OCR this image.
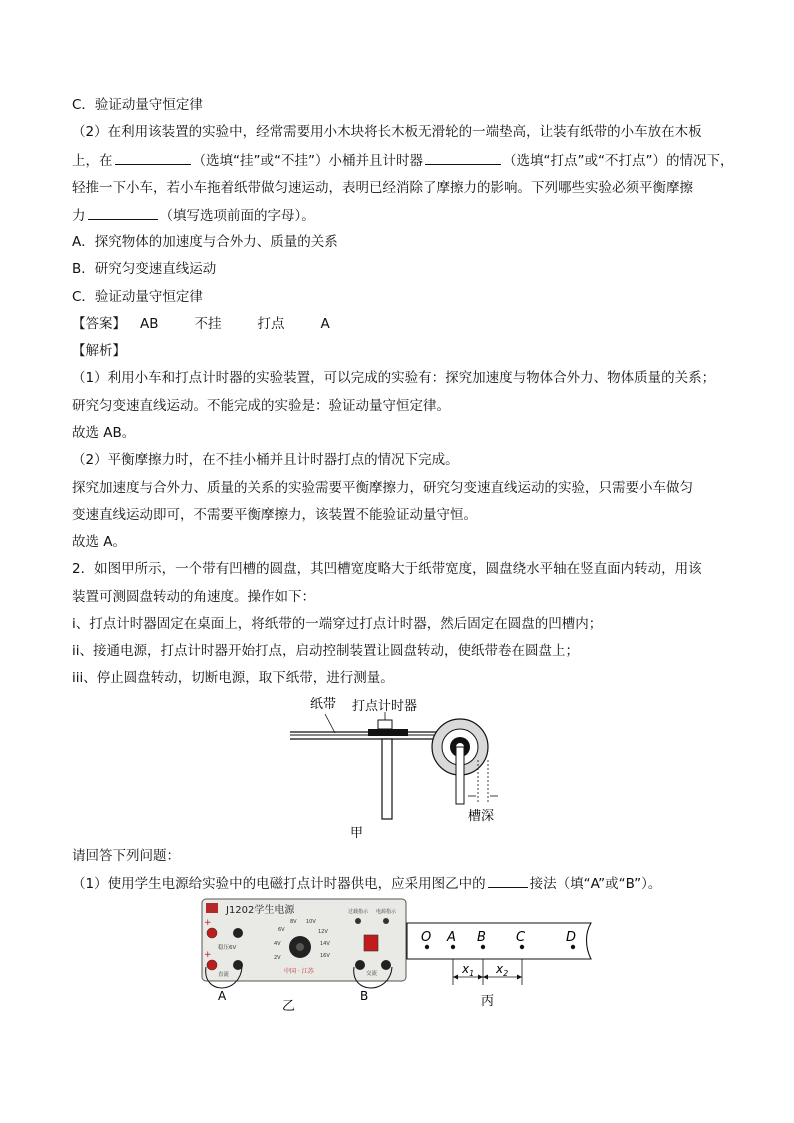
C．验证动量守恒定律
（2）在利用该装置的实验中，经常需要用小木块将长木板无滑轮的一端垫高，让装有纸带的小车放在木板
上，在	（选填“挂”或“不挂”）小桶并且计时器	（选填“打点”或“不打点”）的情况下，
轻推一下小车，若小车拖着纸带做匀速运动，表明已经消除了摩擦力的影响。下列哪些实验必须平衡摩擦
力	（填写选项前面的字母）。
A．探究物体的加速度与合外力、质量的关系
B．研究匀变速直线运动
C．验证动量守恒定律
【答案】 AB	不挂	打点	A
【解析】
（1）利用小车和打点计时器的实验装置，可以完成的实验有：探究加速度与物体合外力、物体质量的关系；
研究匀变速直线运动。不能完成的实验是：验证动量守恒定律。
故选 AB。
（2）平衡摩擦力时，在不挂小桶并且计时器打点的情况下完成。
探究加速度与合外力、质量的关系的实验需要平衡摩擦力，研究匀变速直线运动的实验，只需要小车做匀
变速直线运动即可，不需要平衡摩擦力，该装置不能验证动量守恒。
故选 A。
2．如图甲所示，一个带有凹槽的圆盘，其凹槽宽度略大于纸带宽度，圆盘绕水平轴在竖直面内转动，用该
装置可测圆盘转动的角速度。操作如下：
i、打点计时器固定在桌面上，将纸带的一端穿过打点计时器，然后固定在圆盘的凹槽内；
ii、接通电源，打点计时器开始打点，启动控制装置让圆盘转动，使纸带卷在圆盘上；
iii、停止圆盘转动，切断电源，取下纸带，进行测量。
纸带 打点计时器
槽深
甲
请回答下列问题：
（1）使用学生电源给实验中的电磁打点计时器供电，应采用图乙中的	接法（填“A”或“B”）。
J1202学生电源
+
+
稳压6V
直流
6V
8V 10V
12V
14V
16V
4V
2V
中国 · 江苏
过载指示 电源指示
交流
A	B
乙
O A B C	D
$x_1$ $x_2$
丙
